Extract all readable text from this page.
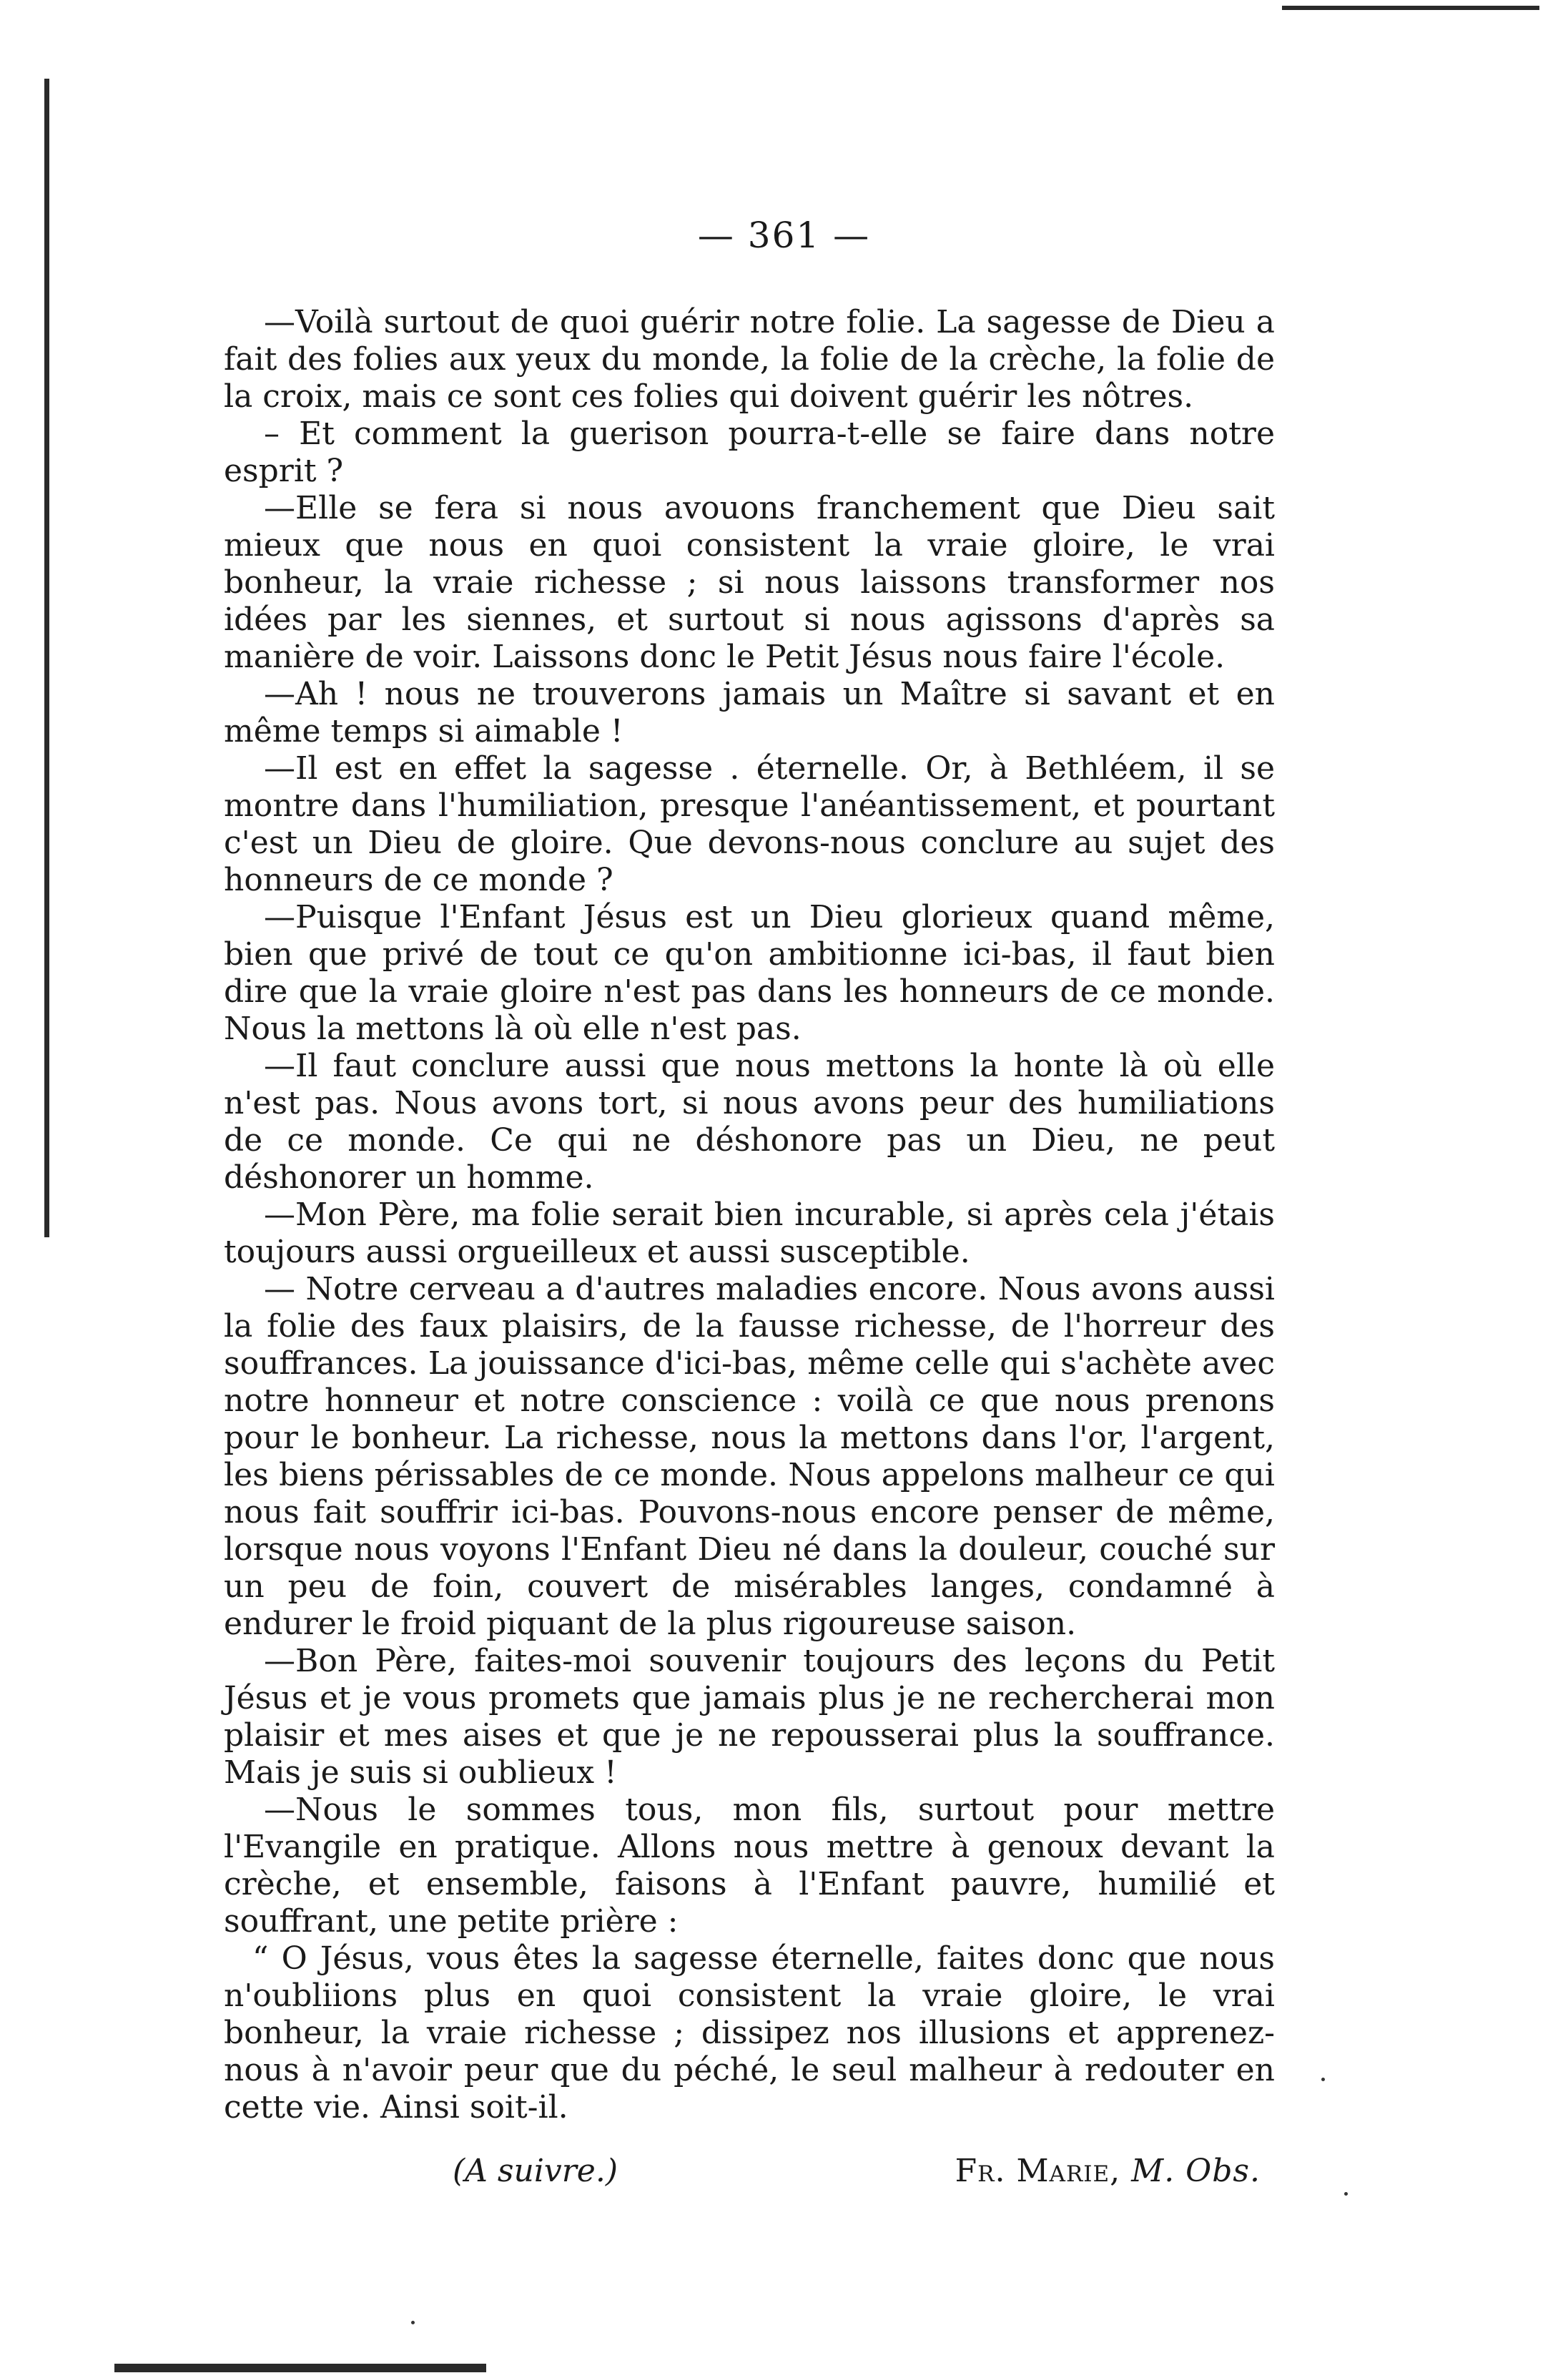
— 361 —

—Voilà surtout de quoi guérir notre folie. La sagesse de Dieu a fait des folies aux yeux du monde, la folie de la crèche, la folie de la croix, mais ce sont ces folies qui doivent guérir les nôtres.

– Et comment la guerison pourra-t-elle se faire dans notre esprit ?

—Elle se fera si nous avouons franchement que Dieu sait mieux que nous en quoi consistent la vraie gloire, le vrai bonheur, la vraie richesse ; si nous laissons transformer nos idées par les siennes, et surtout si nous agissons d'après sa manière de voir. Laissons donc le Petit Jésus nous faire l'école.

—Ah ! nous ne trouverons jamais un Maître si savant et en même temps si aimable !

—Il est en effet la sagesse . éternelle. Or, à Bethléem, il se montre dans l'humiliation, presque l'anéantissement, et pourtant c'est un Dieu de gloire. Que devons-nous conclure au sujet des honneurs de ce monde ?

—Puisque l'Enfant Jésus est un Dieu glorieux quand même, bien que privé de tout ce qu'on ambitionne ici-bas, il faut bien dire que la vraie gloire n'est pas dans les honneurs de ce monde. Nous la mettons là où elle n'est pas.

—Il faut conclure aussi que nous mettons la honte là où elle n'est pas. Nous avons tort, si nous avons peur des humiliations de ce monde. Ce qui ne déshonore pas un Dieu, ne peut déshonorer un homme.

—Mon Père, ma folie serait bien incurable, si après cela j'étais toujours aussi orgueilleux et aussi susceptible.

— Notre cerveau a d'autres maladies encore. Nous avons aussi la folie des faux plaisirs, de la fausse richesse, de l'horreur des souffrances. La jouissance d'ici-bas, même celle qui s'achète avec notre honneur et notre conscience : voilà ce que nous prenons pour le bonheur. La richesse, nous la mettons dans l'or, l'argent, les biens périssables de ce monde. Nous appelons malheur ce qui nous fait souffrir ici-bas. Pouvons-nous encore penser de même, lorsque nous voyons l'Enfant Dieu né dans la douleur, couché sur un peu de foin, couvert de misérables langes, condamné à endurer le froid piquant de la plus rigoureuse saison.

—Bon Père, faites-moi souvenir toujours des leçons du Petit Jésus et je vous promets que jamais plus je ne rechercherai mon plaisir et mes aises et que je ne repousserai plus la souffrance. Mais je suis si oublieux !

—Nous le sommes tous, mon fils, surtout pour mettre l'Evangile en pratique. Allons nous mettre à genoux devant la crèche, et ensemble, faisons à l'Enfant pauvre, humilié et souffrant, une petite prière :

“ O Jésus, vous êtes la sagesse éternelle, faites donc que nous n'oubliions plus en quoi consistent la vraie gloire, le vrai bonheur, la vraie richesse ; dissipez nos illusions et apprenez-nous à n'avoir peur que du péché, le seul malheur à redouter en cette vie. Ainsi soit-il.

(A suivre.)	Fr. Marie, M. Obs.
